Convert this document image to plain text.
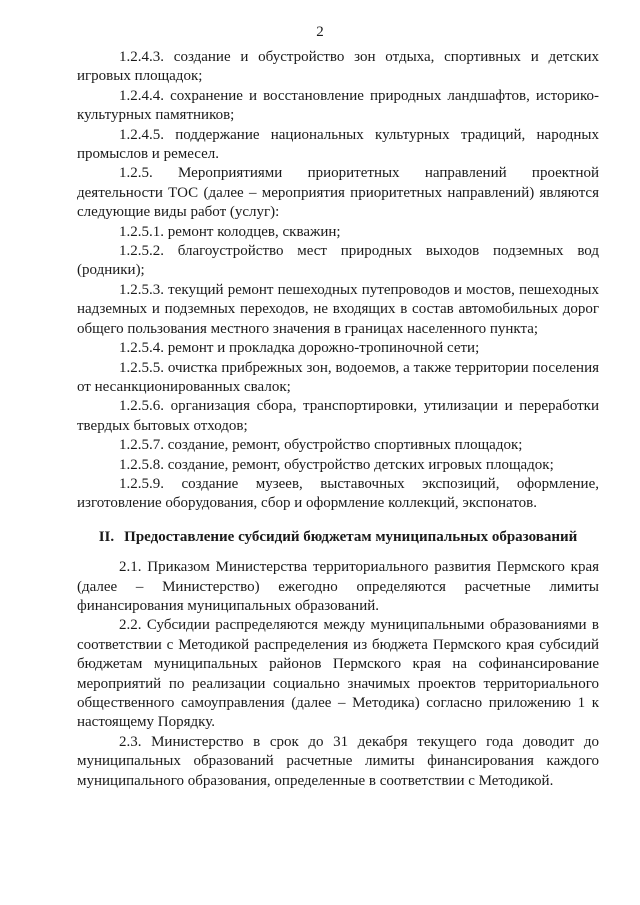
2

1.2.4.3. создание и обустройство зон отдыха, спортивных и детских игровых площадок;

1.2.4.4. сохранение и восстановление природных ландшафтов, историко-культурных памятников;

1.2.4.5. поддержание национальных культурных традиций, народных промыслов и ремесел.

1.2.5. Мероприятиями приоритетных направлений проектной деятельности ТОС (далее – мероприятия приоритетных направлений) являются следующие виды работ (услуг):

1.2.5.1. ремонт колодцев, скважин;

1.2.5.2. благоустройство мест природных выходов подземных вод (родники);

1.2.5.3. текущий ремонт пешеходных путепроводов и мостов, пешеходных надземных и подземных переходов, не входящих в состав автомобильных дорог общего пользования местного значения в границах населенного пункта;

1.2.5.4. ремонт и прокладка дорожно-тропиночной сети;

1.2.5.5. очистка прибрежных зон, водоемов, а также территории поселения от несанкционированных свалок;

1.2.5.6. организация сбора, транспортировки, утилизации и переработки твердых бытовых отходов;

1.2.5.7. создание, ремонт, обустройство спортивных площадок;

1.2.5.8. создание, ремонт, обустройство детских игровых площадок;

1.2.5.9. создание музеев, выставочных экспозиций, оформление, изготовление оборудования, сбор и оформление коллекций, экспонатов.

II. Предоставление субсидий бюджетам муниципальных образований

2.1. Приказом Министерства территориального развития Пермского края (далее – Министерство) ежегодно определяются расчетные лимиты финансирования муниципальных образований.

2.2. Субсидии распределяются между муниципальными образованиями в соответствии с Методикой распределения из бюджета Пермского края субсидий бюджетам муниципальных районов Пермского края на софинансирование мероприятий по реализации социально значимых проектов территориального общественного самоуправления (далее – Методика) согласно приложению 1 к настоящему Порядку.

2.3. Министерство в срок до 31 декабря текущего года доводит до муниципальных образований расчетные лимиты финансирования каждого муниципального образования, определенные в соответствии с Методикой.
